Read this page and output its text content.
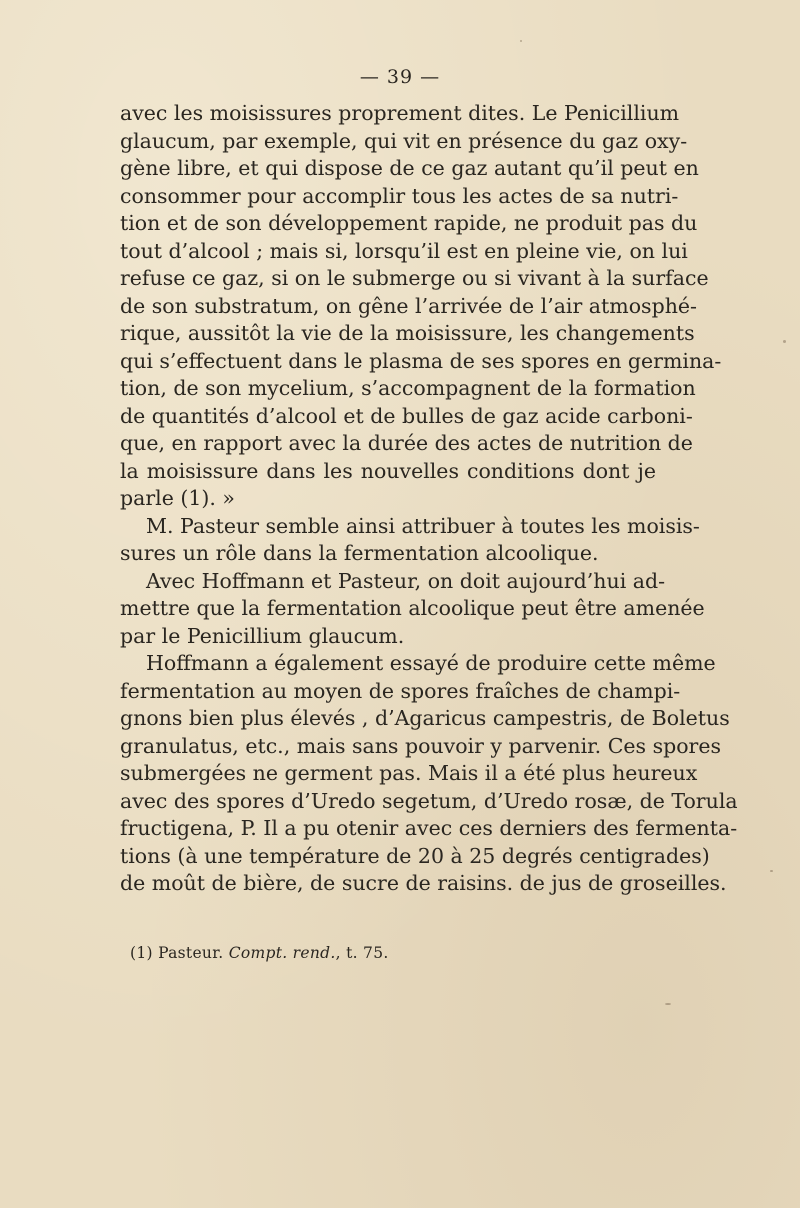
— 39 —
avec les moisissures proprement dites. Le Penicillium
glaucum, par exemple, qui vit en présence du gaz oxy-
gène libre, et qui dispose de ce gaz autant qu’il peut en
consommer pour accomplir tous les actes de sa nutri-
tion et de son développement rapide, ne produit pas du
tout d’alcool ; mais si, lorsqu’il est en pleine vie, on lui
refuse ce gaz, si on le submerge ou si vivant à la surface
de son substratum, on gêne l’arrivée de l’air atmosphé-
rique, aussitôt la vie de la moisissure, les changements
qui s’effectuent dans le plasma de ses spores en germina-
tion, de son mycelium, s’accompagnent de la formation
de quantités d’alcool et de bulles de gaz acide carboni-
que, en rapport avec la durée des actes de nutrition de
la moisissure dans les nouvelles conditions dont je
parle (1). »
M. Pasteur semble ainsi attribuer à toutes les moisis-
sures un rôle dans la fermentation alcoolique.
Avec Hoffmann et Pasteur, on doit aujourd’hui ad-
mettre que la fermentation alcoolique peut être amenée
par le Penicillium glaucum.
Hoffmann a également essayé de produire cette même
fermentation au moyen de spores fraîches de champi-
gnons bien plus élevés , d’Agaricus campestris, de Boletus
granulatus, etc., mais sans pouvoir y parvenir. Ces spores
submergées ne germent pas. Mais il a été plus heureux
avec des spores d’Uredo segetum, d’Uredo rosæ, de Torula
fructigena, P. Il a pu otenir avec ces derniers des fermenta-
tions (à une température de 20 à 25 degrés centigrades)
de moût de bière, de sucre de raisins. de jus de groseilles.
(1) Pasteur. Compt. rend., t. 75.
